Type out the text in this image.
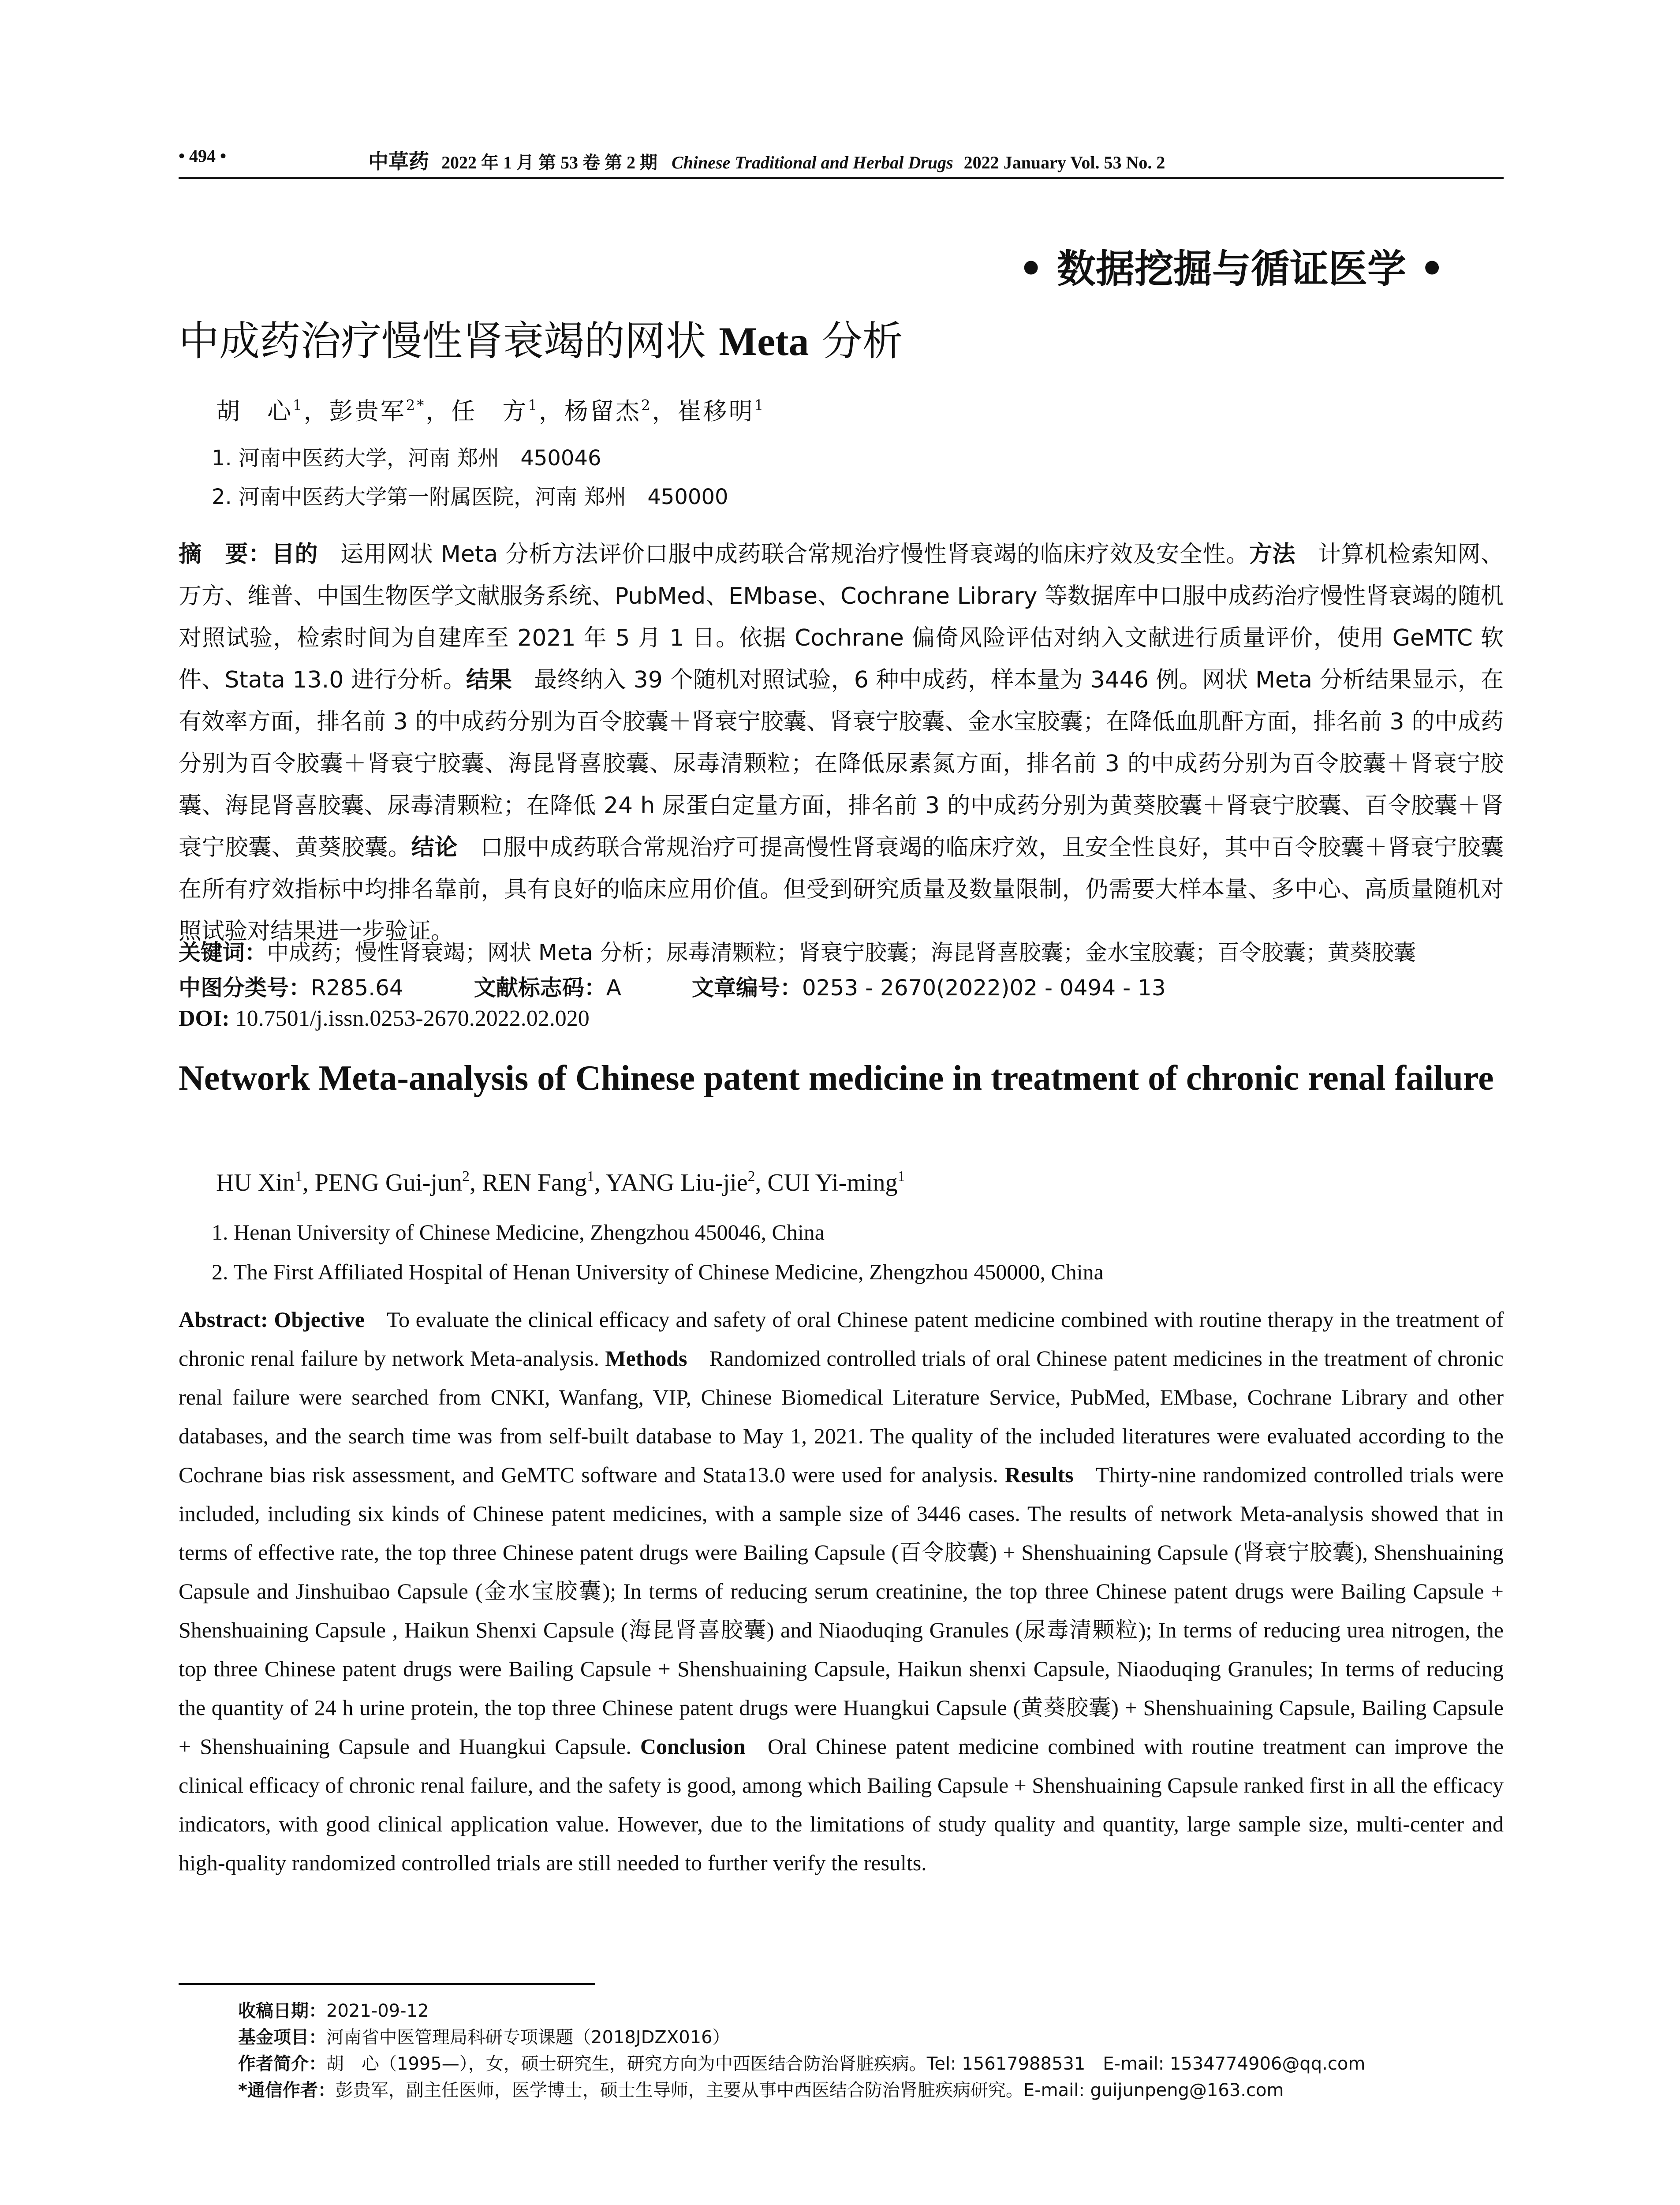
• 494 •	中草药 2022 年 1 月 第 53 卷 第 2 期 Chinese Traditional and Herbal Drugs 2022 January Vol. 53 No. 2
• 数据挖掘与循证医学 •
中成药治疗慢性肾衰竭的网状 Meta 分析
胡　心$^1$，彭贵军$^{2*}$，任　方$^1$，杨留杰$^2$，崔移明$^1$
1. 河南中医药大学，河南 郑州　450046
2. 河南中医药大学第一附属医院，河南 郑州　450000
摘　要：目的 运用网状 Meta 分析方法评价口服中成药联合常规治疗慢性肾衰竭的临床疗效及安全性。方法 计算机检索知网、万方、维普、中国生物医学文献服务系统、PubMed、EMbase、Cochrane Library 等数据库中口服中成药治疗慢性肾衰竭的随机对照试验，检索时间为自建库至 2021 年 5 月 1 日。依据 Cochrane 偏倚风险评估对纳入文献进行质量评价，使用 GeMTC 软件、Stata 13.0 进行分析。结果 最终纳入 39 个随机对照试验，6 种中成药，样本量为 3446 例。网状 Meta 分析结果显示，在有效率方面，排名前 3 的中成药分别为百令胶囊＋肾衰宁胶囊、肾衰宁胶囊、金水宝胶囊；在降低血肌酐方面，排名前 3 的中成药分别为百令胶囊＋肾衰宁胶囊、海昆肾喜胶囊、尿毒清颗粒；在降低尿素氮方面，排名前 3 的中成药分别为百令胶囊＋肾衰宁胶囊、海昆肾喜胶囊、尿毒清颗粒；在降低 24 h 尿蛋白定量方面，排名前 3 的中成药分别为黄葵胶囊＋肾衰宁胶囊、百令胶囊＋肾衰宁胶囊、黄葵胶囊。结论 口服中成药联合常规治疗可提高慢性肾衰竭的临床疗效，且安全性良好，其中百令胶囊＋肾衰宁胶囊在所有疗效指标中均排名靠前，具有良好的临床应用价值。但受到研究质量及数量限制，仍需要大样本量、多中心、高质量随机对照试验对结果进一步验证。
关键词：中成药；慢性肾衰竭；网状 Meta 分析；尿毒清颗粒；肾衰宁胶囊；海昆肾喜胶囊；金水宝胶囊；百令胶囊；黄葵胶囊
中图分类号：R285.64	文献标志码：A	文章编号：0253 - 2670(2022)02 - 0494 - 13
DOI: 10.7501/j.issn.0253-2670.2022.02.020
Network Meta-analysis of Chinese patent medicine in treatment of chronic renal failure
HU Xin$^1$, PENG Gui-jun$^2$, REN Fang$^1$, YANG Liu-jie$^2$, CUI Yi-ming$^1$
1. Henan University of Chinese Medicine, Zhengzhou 450046, China
2. The First Affiliated Hospital of Henan University of Chinese Medicine, Zhengzhou 450000, China
Abstract: Objective To evaluate the clinical efficacy and safety of oral Chinese patent medicine combined with routine therapy in the treatment of chronic renal failure by network Meta-analysis. Methods Randomized controlled trials of oral Chinese patent medicines in the treatment of chronic renal failure were searched from CNKI, Wanfang, VIP, Chinese Biomedical Literature Service, PubMed, EMbase, Cochrane Library and other databases, and the search time was from self-built database to May 1, 2021. The quality of the included literatures were evaluated according to the Cochrane bias risk assessment, and GeMTC software and Stata13.0 were used for analysis. Results Thirty-nine randomized controlled trials were included, including six kinds of Chinese patent medicines, with a sample size of 3446 cases. The results of network Meta-analysis showed that in terms of effective rate, the top three Chinese patent drugs were Bailing Capsule (百令胶囊) + Shenshuaining Capsule (肾衰宁胶囊), Shenshuaining Capsule and Jinshuibao Capsule (金水宝胶囊); In terms of reducing serum creatinine, the top three Chinese patent drugs were Bailing Capsule + Shenshuaining Capsule , Haikun Shenxi Capsule (海昆肾喜胶囊) and Niaoduqing Granules (尿毒清颗粒); In terms of reducing urea nitrogen, the top three Chinese patent drugs were Bailing Capsule + Shenshuaining Capsule, Haikun shenxi Capsule, Niaoduqing Granules; In terms of reducing the quantity of 24 h urine protein, the top three Chinese patent drugs were Huangkui Capsule (黄葵胶囊) + Shenshuaining Capsule, Bailing Capsule + Shenshuaining Capsule and Huangkui Capsule. Conclusion Oral Chinese patent medicine combined with routine treatment can improve the clinical efficacy of chronic renal failure, and the safety is good, among which Bailing Capsule + Shenshuaining Capsule ranked first in all the efficacy indicators, with good clinical application value. However, due to the limitations of study quality and quantity, large sample size, multi-center and high-quality randomized controlled trials are still needed to further verify the results.
收稿日期：2021-09-12
基金项目：河南省中医管理局科研专项课题（2018JDZX016）
作者简介：胡　心（1995—），女，硕士研究生，研究方向为中西医结合防治肾脏疾病。Tel: 15617988531　E-mail: 1534774906@qq.com
*通信作者：彭贵军，副主任医师，医学博士，硕士生导师，主要从事中西医结合防治肾脏疾病研究。E-mail: guijunpeng@163.com
